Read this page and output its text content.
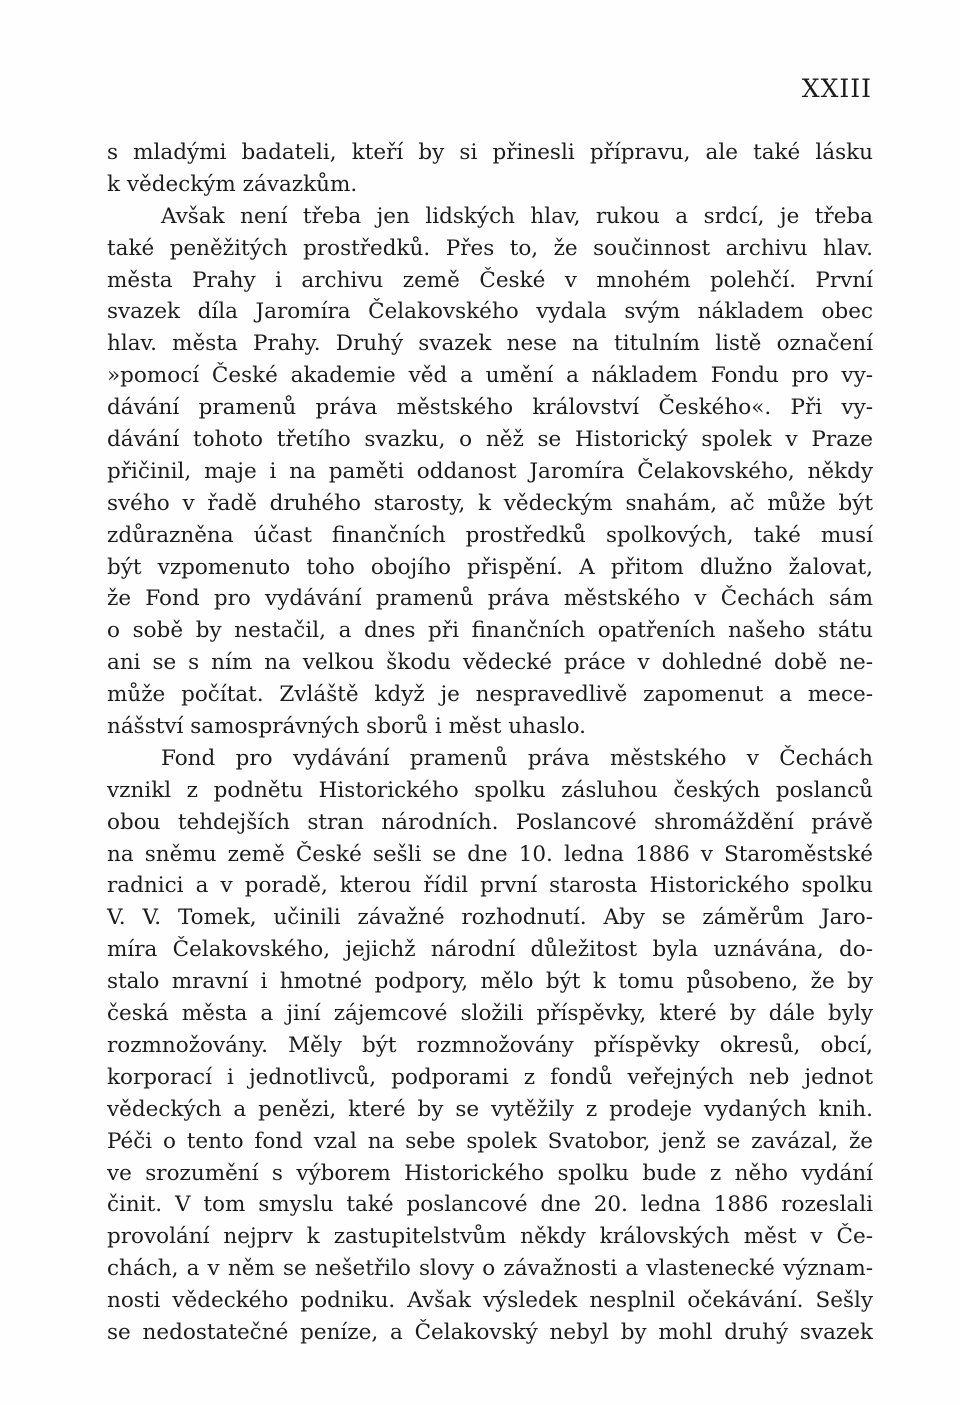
XXIII
s mladými badateli, kteří by si přinesli přípravu, ale také lásku
k vědeckým závazkům.
Avšak není třeba jen lidských hlav, rukou a srdcí, je třeba
také peněžitých prostředků. Přes to, že součinnost archivu hlav.
města Prahy i archivu země České v mnohém polehčí. První
svazek díla Jaromíra Čelakovského vydala svým nákladem obec
hlav. města Prahy. Druhý svazek nese na titulním listě označení
»pomocí České akademie věd a umění a nákladem Fondu pro vy-
dávání pramenů práva městského království Českého«. Při vy-
dávání tohoto třetího svazku, o něž se Historický spolek v Praze
přičinil, maje i na paměti oddanost Jaromíra Čelakovského, někdy
svého v řadě druhého starosty, k vědeckým snahám, ač může být
zdůrazněna účast finančních prostředků spolkových, také musí
být vzpomenuto toho obojího přispění. A přitom dlužno žalovat,
že Fond pro vydávání pramenů práva městského v Čechách sám
o sobě by nestačil, a dnes při finančních opatřeních našeho státu
ani se s ním na velkou škodu vědecké práce v dohledné době ne-
může počítat. Zvláště když je nespravedlivě zapomenut a mece-
nášství samosprávných sborů i měst uhaslo.
Fond pro vydávání pramenů práva městského v Čechách
vznikl z podnětu Historického spolku zásluhou českých poslanců
obou tehdejších stran národních. Poslancové shromáždění právě
na sněmu země České sešli se dne 10. ledna 1886 v Staroměstské
radnici a v poradě, kterou řídil první starosta Historického spolku
V. V. Tomek, učinili závažné rozhodnutí. Aby se záměrům Jaro-
míra Čelakovského, jejichž národní důležitost byla uznávána, do-
stalo mravní i hmotné podpory, mělo být k tomu působeno, že by
česká města a jiní zájemcové složili příspěvky, které by dále byly
rozmnožovány. Měly být rozmnožovány příspěvky okresů, obcí,
korporací i jednotlivců, podporami z fondů veřejných neb jednot
vědeckých a penězi, které by se vytěžily z prodeje vydaných knih.
Péči o tento fond vzal na sebe spolek Svatobor, jenž se zavázal, že
ve srozumění s výborem Historického spolku bude z něho vydání
činit. V tom smyslu také poslancové dne 20. ledna 1886 rozeslali
provolání nejprv k zastupitelstvům někdy královských měst v Če-
chách, a v něm se nešetřilo slovy o závažnosti a vlastenecké význam-
nosti vědeckého podniku. Avšak výsledek nesplnil očekávání. Sešly
se nedostatečné peníze, a Čelakovský nebyl by mohl druhý svazek
